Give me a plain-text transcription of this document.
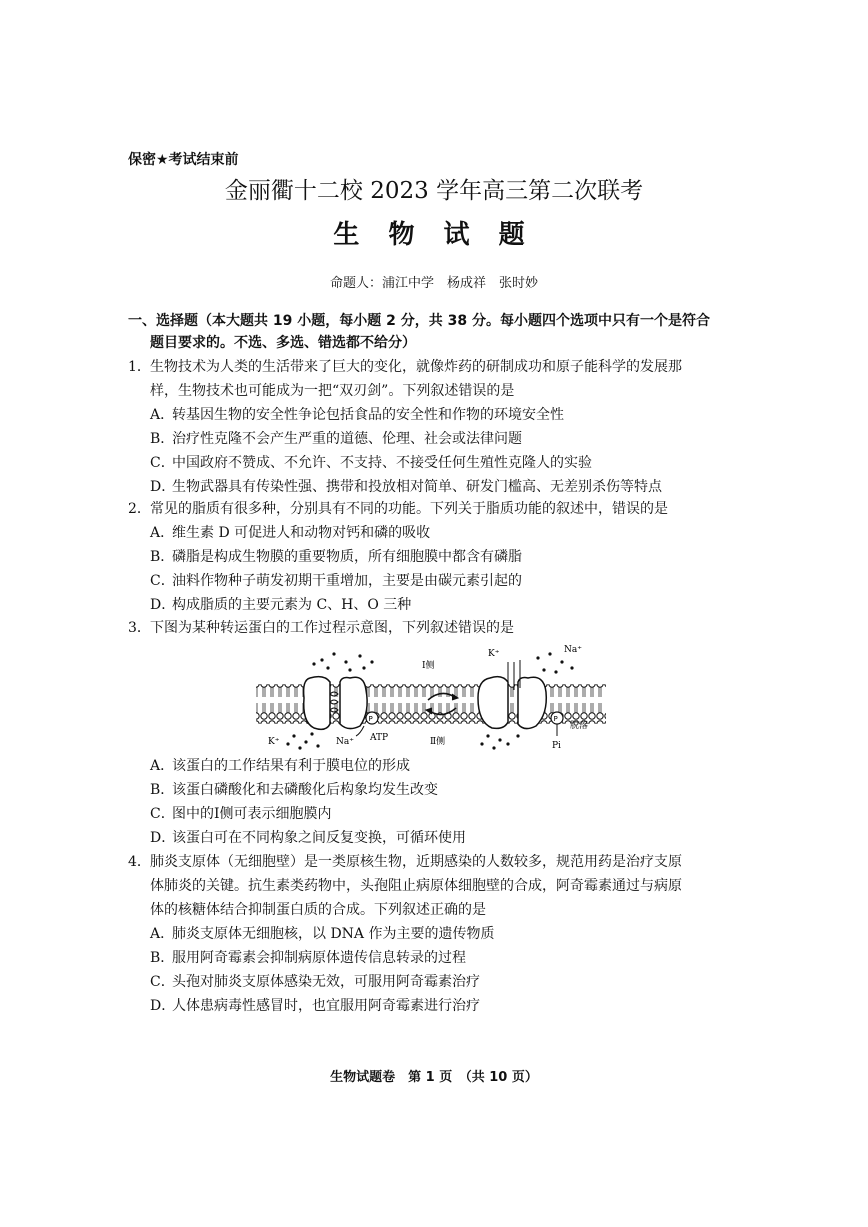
保密★考试结束前
金丽衢十二校 2023 学年高三第二次联考
生 物 试 题
命题人：浦江中学　杨成祥　张时妙
一、选择题（本大题共 19 小题，每小题 2 分，共 38 分。每小题四个选项中只有一个是符合
题目要求的。不选、多选、错选都不给分）
1．生物技术为人类的生活带来了巨大的变化，就像炸药的研制成功和原子能科学的发展那
样，生物技术也可能成为一把“双刃剑”。下列叙述错误的是
A．转基因生物的安全性争论包括食品的安全性和作物的环境安全性
B．治疗性克隆不会产生严重的道德、伦理、社会或法律问题
C．中国政府不赞成、不允许、不支持、不接受任何生殖性克隆人的实验
D．生物武器具有传染性强、携带和投放相对简单、研发门槛高、无差别杀伤等特点
2．常见的脂质有很多种，分别具有不同的功能。下列关于脂质功能的叙述中，错误的是
A．维生素 D 可促进人和动物对钙和磷的吸收
B．磷脂是构成生物膜的重要物质，所有细胞膜中都含有磷脂
C．油料作物种子萌发初期干重增加，主要是由碳元素引起的
D．构成脂质的主要元素为 C、H、O 三种
3．下图为某种转运蛋白的工作过程示意图，下列叙述错误的是
Ⅰ侧
Ⅱ侧
K⁺	Na⁺ ATP
P
K⁺	Na⁺
P
Pi
脱落
A．该蛋白的工作结果有利于膜电位的形成
B．该蛋白磷酸化和去磷酸化后构象均发生改变
C．图中的Ⅰ侧可表示细胞膜内
D．该蛋白可在不同构象之间反复变换，可循环使用
4．肺炎支原体（无细胞壁）是一类原核生物，近期感染的人数较多，规范用药是治疗支原
体肺炎的关键。抗生素类药物中，头孢阻止病原体细胞壁的合成，阿奇霉素通过与病原
体的核糖体结合抑制蛋白质的合成。下列叙述正确的是
A．肺炎支原体无细胞核，以 DNA 作为主要的遗传物质
B．服用阿奇霉素会抑制病原体遗传信息转录的过程
C．头孢对肺炎支原体感染无效，可服用阿奇霉素治疗
D．人体患病毒性感冒时，也宜服用阿奇霉素进行治疗
生物试题卷　第 1 页　（共 10 页）
